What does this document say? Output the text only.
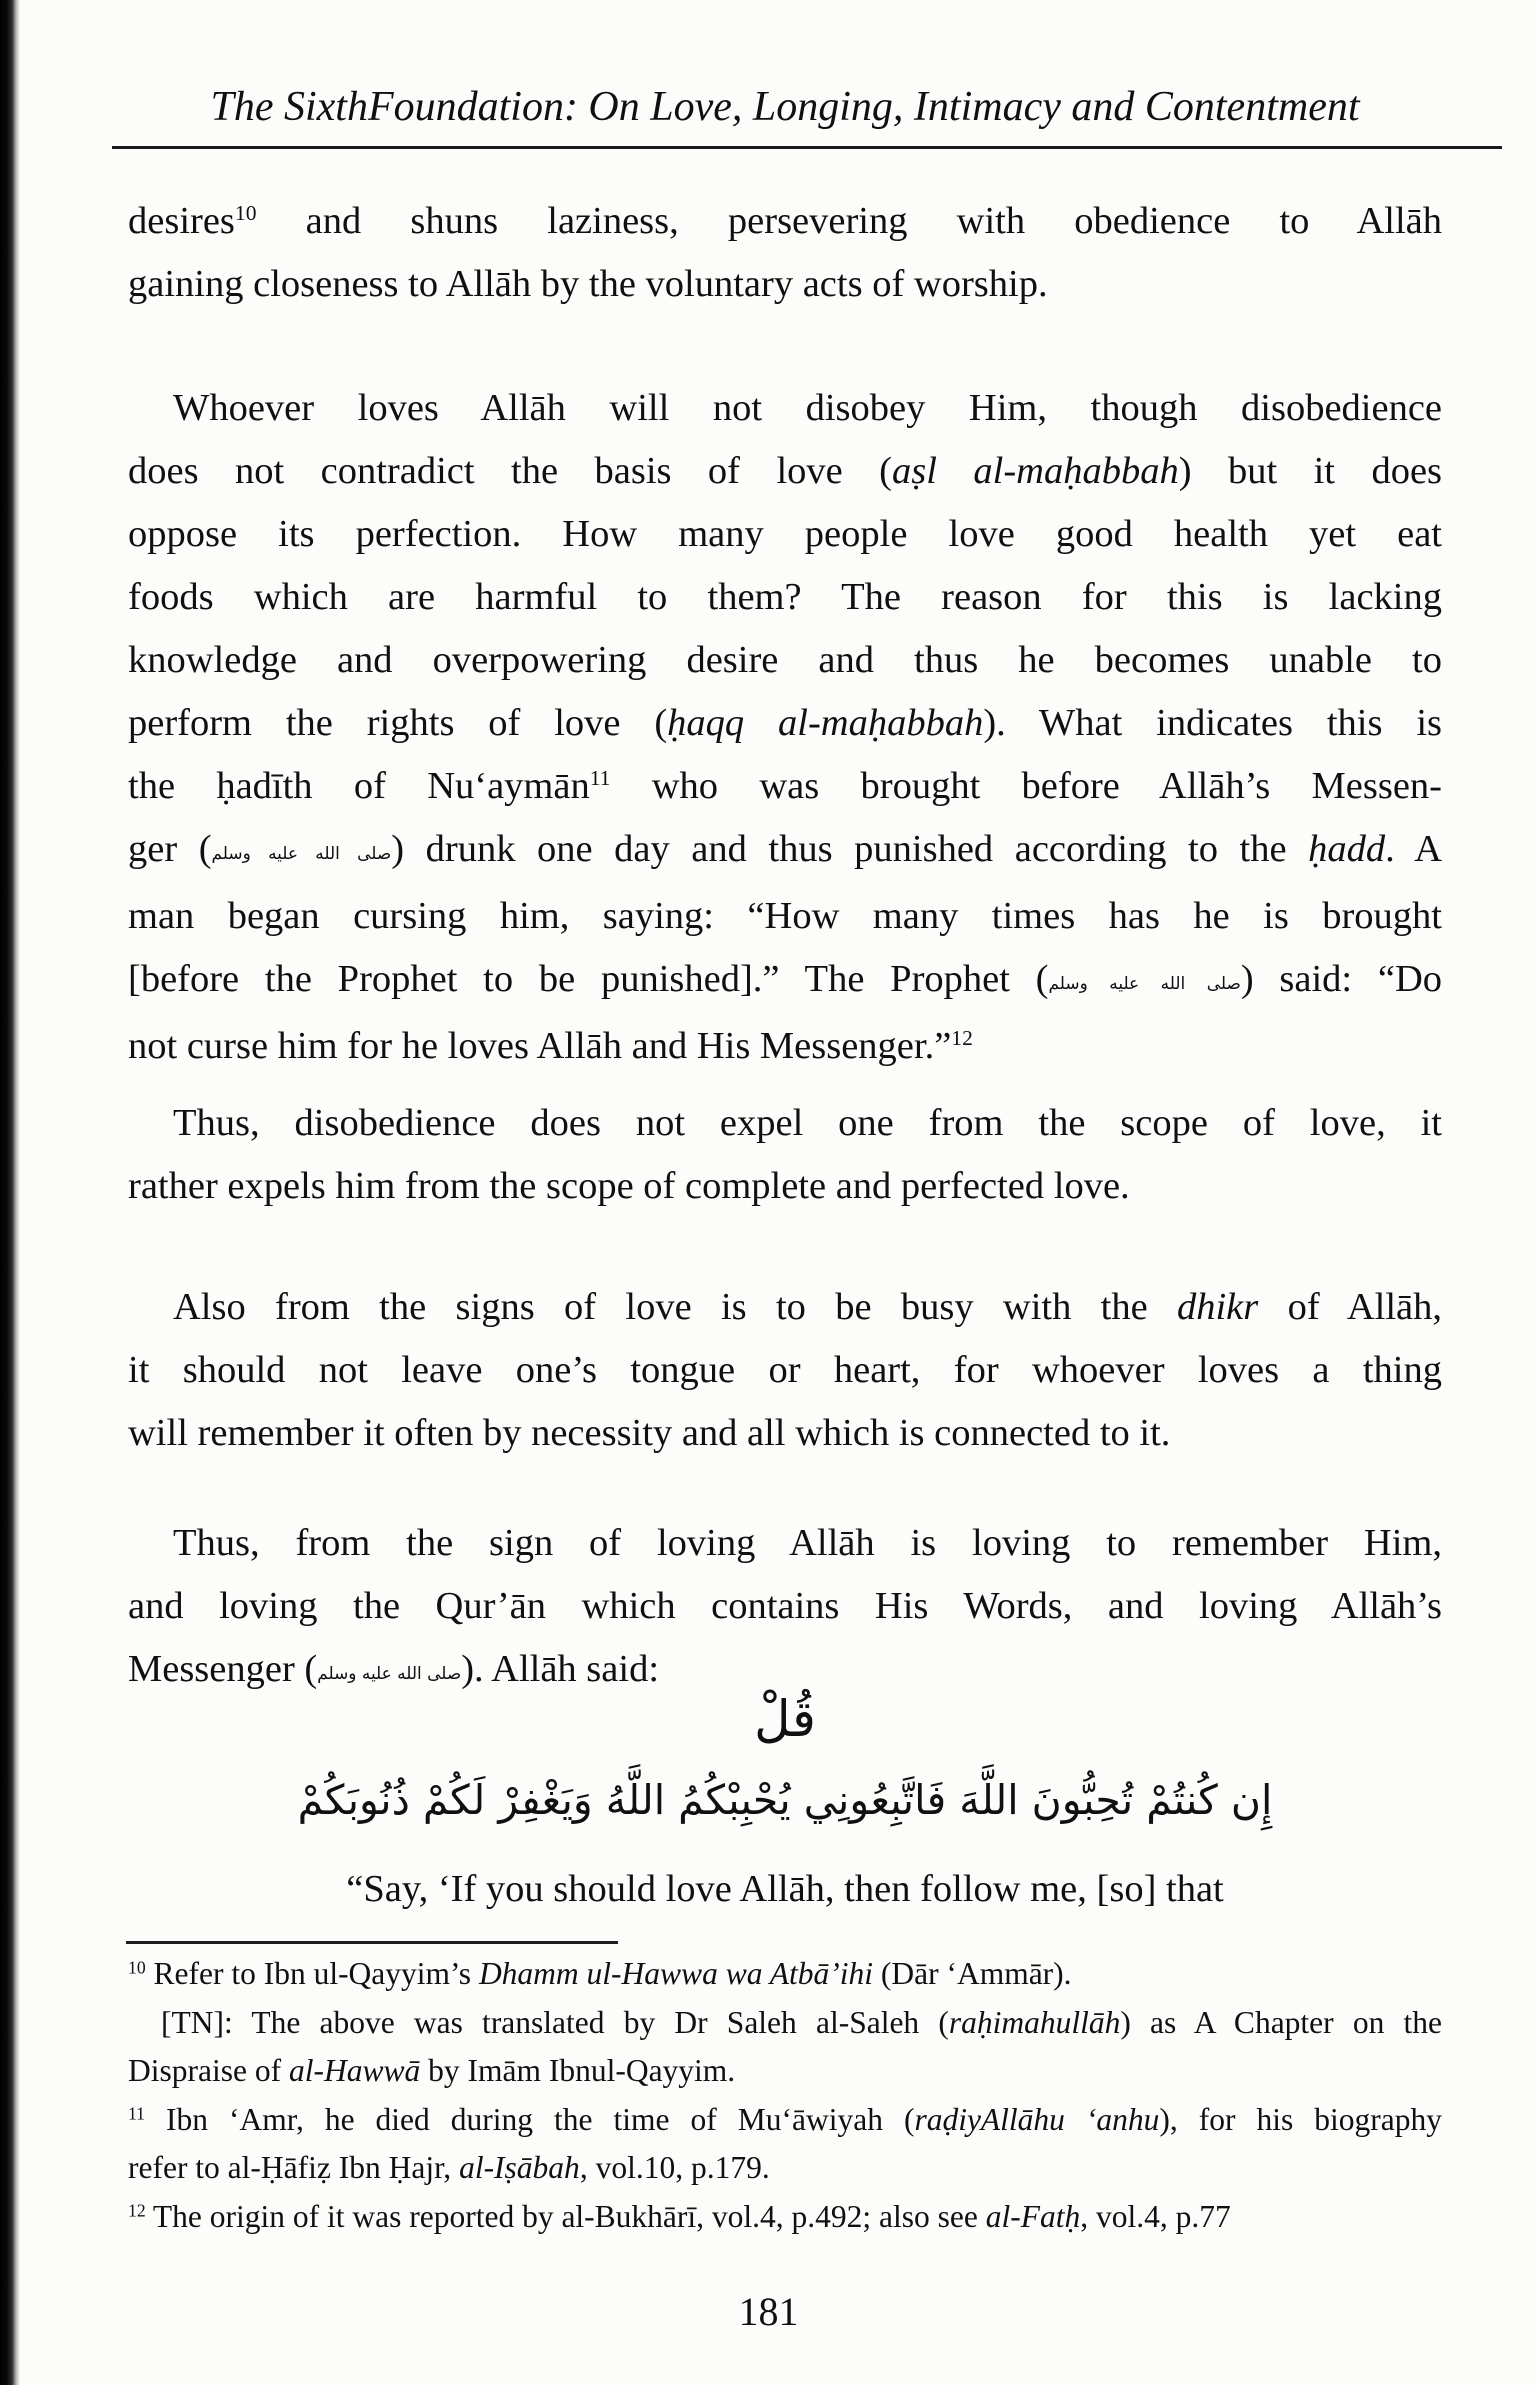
The SixthFoundation: On Love, Longing, Intimacy and Contentment
desires$^{10}$ and shuns laziness, persevering with obedience to Allāh
gaining closeness to Allāh by the voluntary acts of worship.
Whoever loves Allāh will not disobey Him, though disobedience
does not contradict the basis of love (aṣl al-maḥabbah) but it does
oppose its perfection. How many people love good health yet eat
foods which are harmful to them? The reason for this is lacking
knowledge and overpowering desire and thus he becomes unable to
perform the rights of love (ḥaqq al-maḥabbah). What indicates this is
the ḥadīth of Nu‘aymān$^{11}$ who was brought before Allāh’s Messen-
ger (صلى الله عليه وسلم) drunk one day and thus punished according to the ḥadd. A
man began cursing him, saying: “How many times has he is brought
[before the Prophet to be punished].” The Prophet (صلى الله عليه وسلم) said: “Do
not curse him for he loves Allāh and His Messenger.”$^{12}$
Thus, disobedience does not expel one from the scope of love, it
rather expels him from the scope of complete and perfected love.
Also from the signs of love is to be busy with the dhikr of Allāh,
it should not leave one’s tongue or heart, for whoever loves a thing
will remember it often by necessity and all which is connected to it.
Thus, from the sign of loving Allāh is loving to remember Him,
and loving the Qur’ān which contains His Words, and loving Allāh’s
Messenger (صلى الله عليه وسلم). Allāh said:
قُلْ
إِن كُنتُمْ تُحِبُّونَ اللَّهَ فَاتَّبِعُونِي يُحْبِبْكُمُ اللَّهُ وَيَغْفِرْ لَكُمْ ذُنُوبَكُمْ
“Say, ‘If you should love Allāh, then follow me, [so] that
$^{10}$ Refer to Ibn ul-Qayyim’s Dhamm ul-Hawwa wa Atbā’ihi (Dār ‘Ammār).
[TN]: The above was translated by Dr Saleh al-Saleh (raḥimahullāh) as A Chapter on the
Dispraise of al-Hawwā by Imām Ibnul-Qayyim.
$^{11}$ Ibn ‘Amr, he died during the time of Mu‘āwiyah (raḍiyAllāhu ‘anhu), for his biography
refer to al-Ḥāfiẓ Ibn Ḥajr, al-Iṣābah, vol.10, p.179.
$^{12}$ The origin of it was reported by al-Bukhārī, vol.4, p.492; also see al-Fatḥ, vol.4, p.77
181
